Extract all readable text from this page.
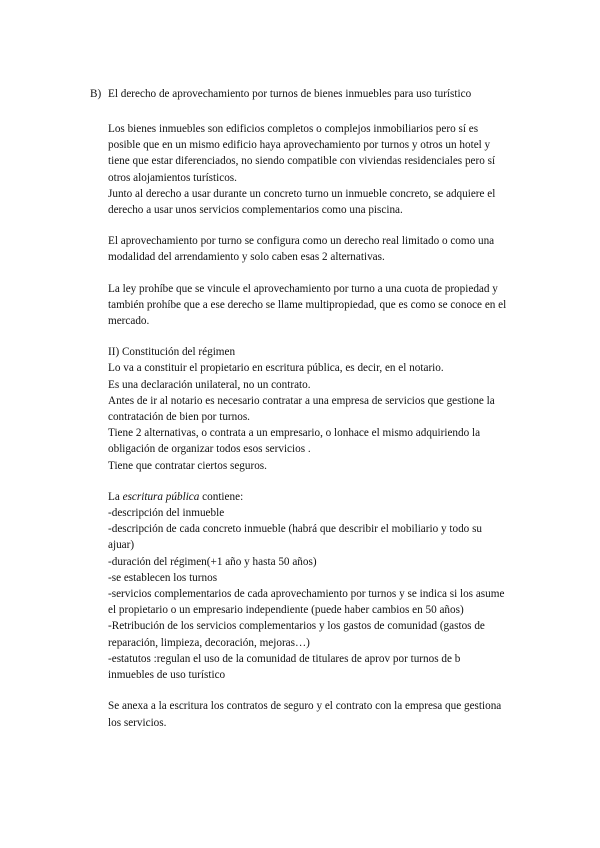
B) El derecho de aprovechamiento por turnos de bienes inmuebles para uso turístico

Los bienes inmuebles son edificios completos o complejos inmobiliarios pero sí es posible que en un mismo edificio haya aprovechamiento por turnos y otros un hotel y tiene que estar diferenciados, no siendo compatible con viviendas residenciales pero sí otros alojamientos turísticos.

Junto al derecho a usar durante un concreto turno un inmueble concreto, se adquiere el derecho a usar unos servicios complementarios como una piscina.

El aprovechamiento por turno se configura como un derecho real limitado o como una modalidad del arrendamiento y solo caben esas 2 alternativas.

La ley prohíbe que se vincule el aprovechamiento por turno a una cuota de propiedad y también prohíbe que a ese derecho se llame multipropiedad, que es como se conoce en el mercado.

II) Constitución del régimen

Lo va a constituir el propietario en escritura pública, es decir, en el notario.

Es una declaración unilateral, no un contrato.

Antes de ir al notario es necesario contratar a una empresa de servicios que gestione la contratación de bien por turnos.

Tiene 2 alternativas, o contrata a un empresario, o lonhace el mismo adquiriendo la obligación de organizar todos esos servicios .

Tiene que contratar ciertos seguros.

La escritura pública contiene:

-descripción del inmueble

-descripción de cada concreto inmueble (habrá que describir el mobiliario y todo su ajuar)

-duración del régimen(+1 año y hasta 50 años)

-se establecen los turnos

-servicios complementarios de cada aprovechamiento por turnos y se indica si los asume el propietario o un empresario independiente (puede haber cambios en 50 años)

-Retribución de los servicios complementarios y los gastos de comunidad (gastos de reparación, limpieza, decoración, mejoras…)

-estatutos :regulan el uso de la comunidad de titulares de aprov por turnos de b inmuebles de uso turístico

Se anexa a la escritura los contratos de seguro y el contrato con la empresa que gestiona los servicios.
